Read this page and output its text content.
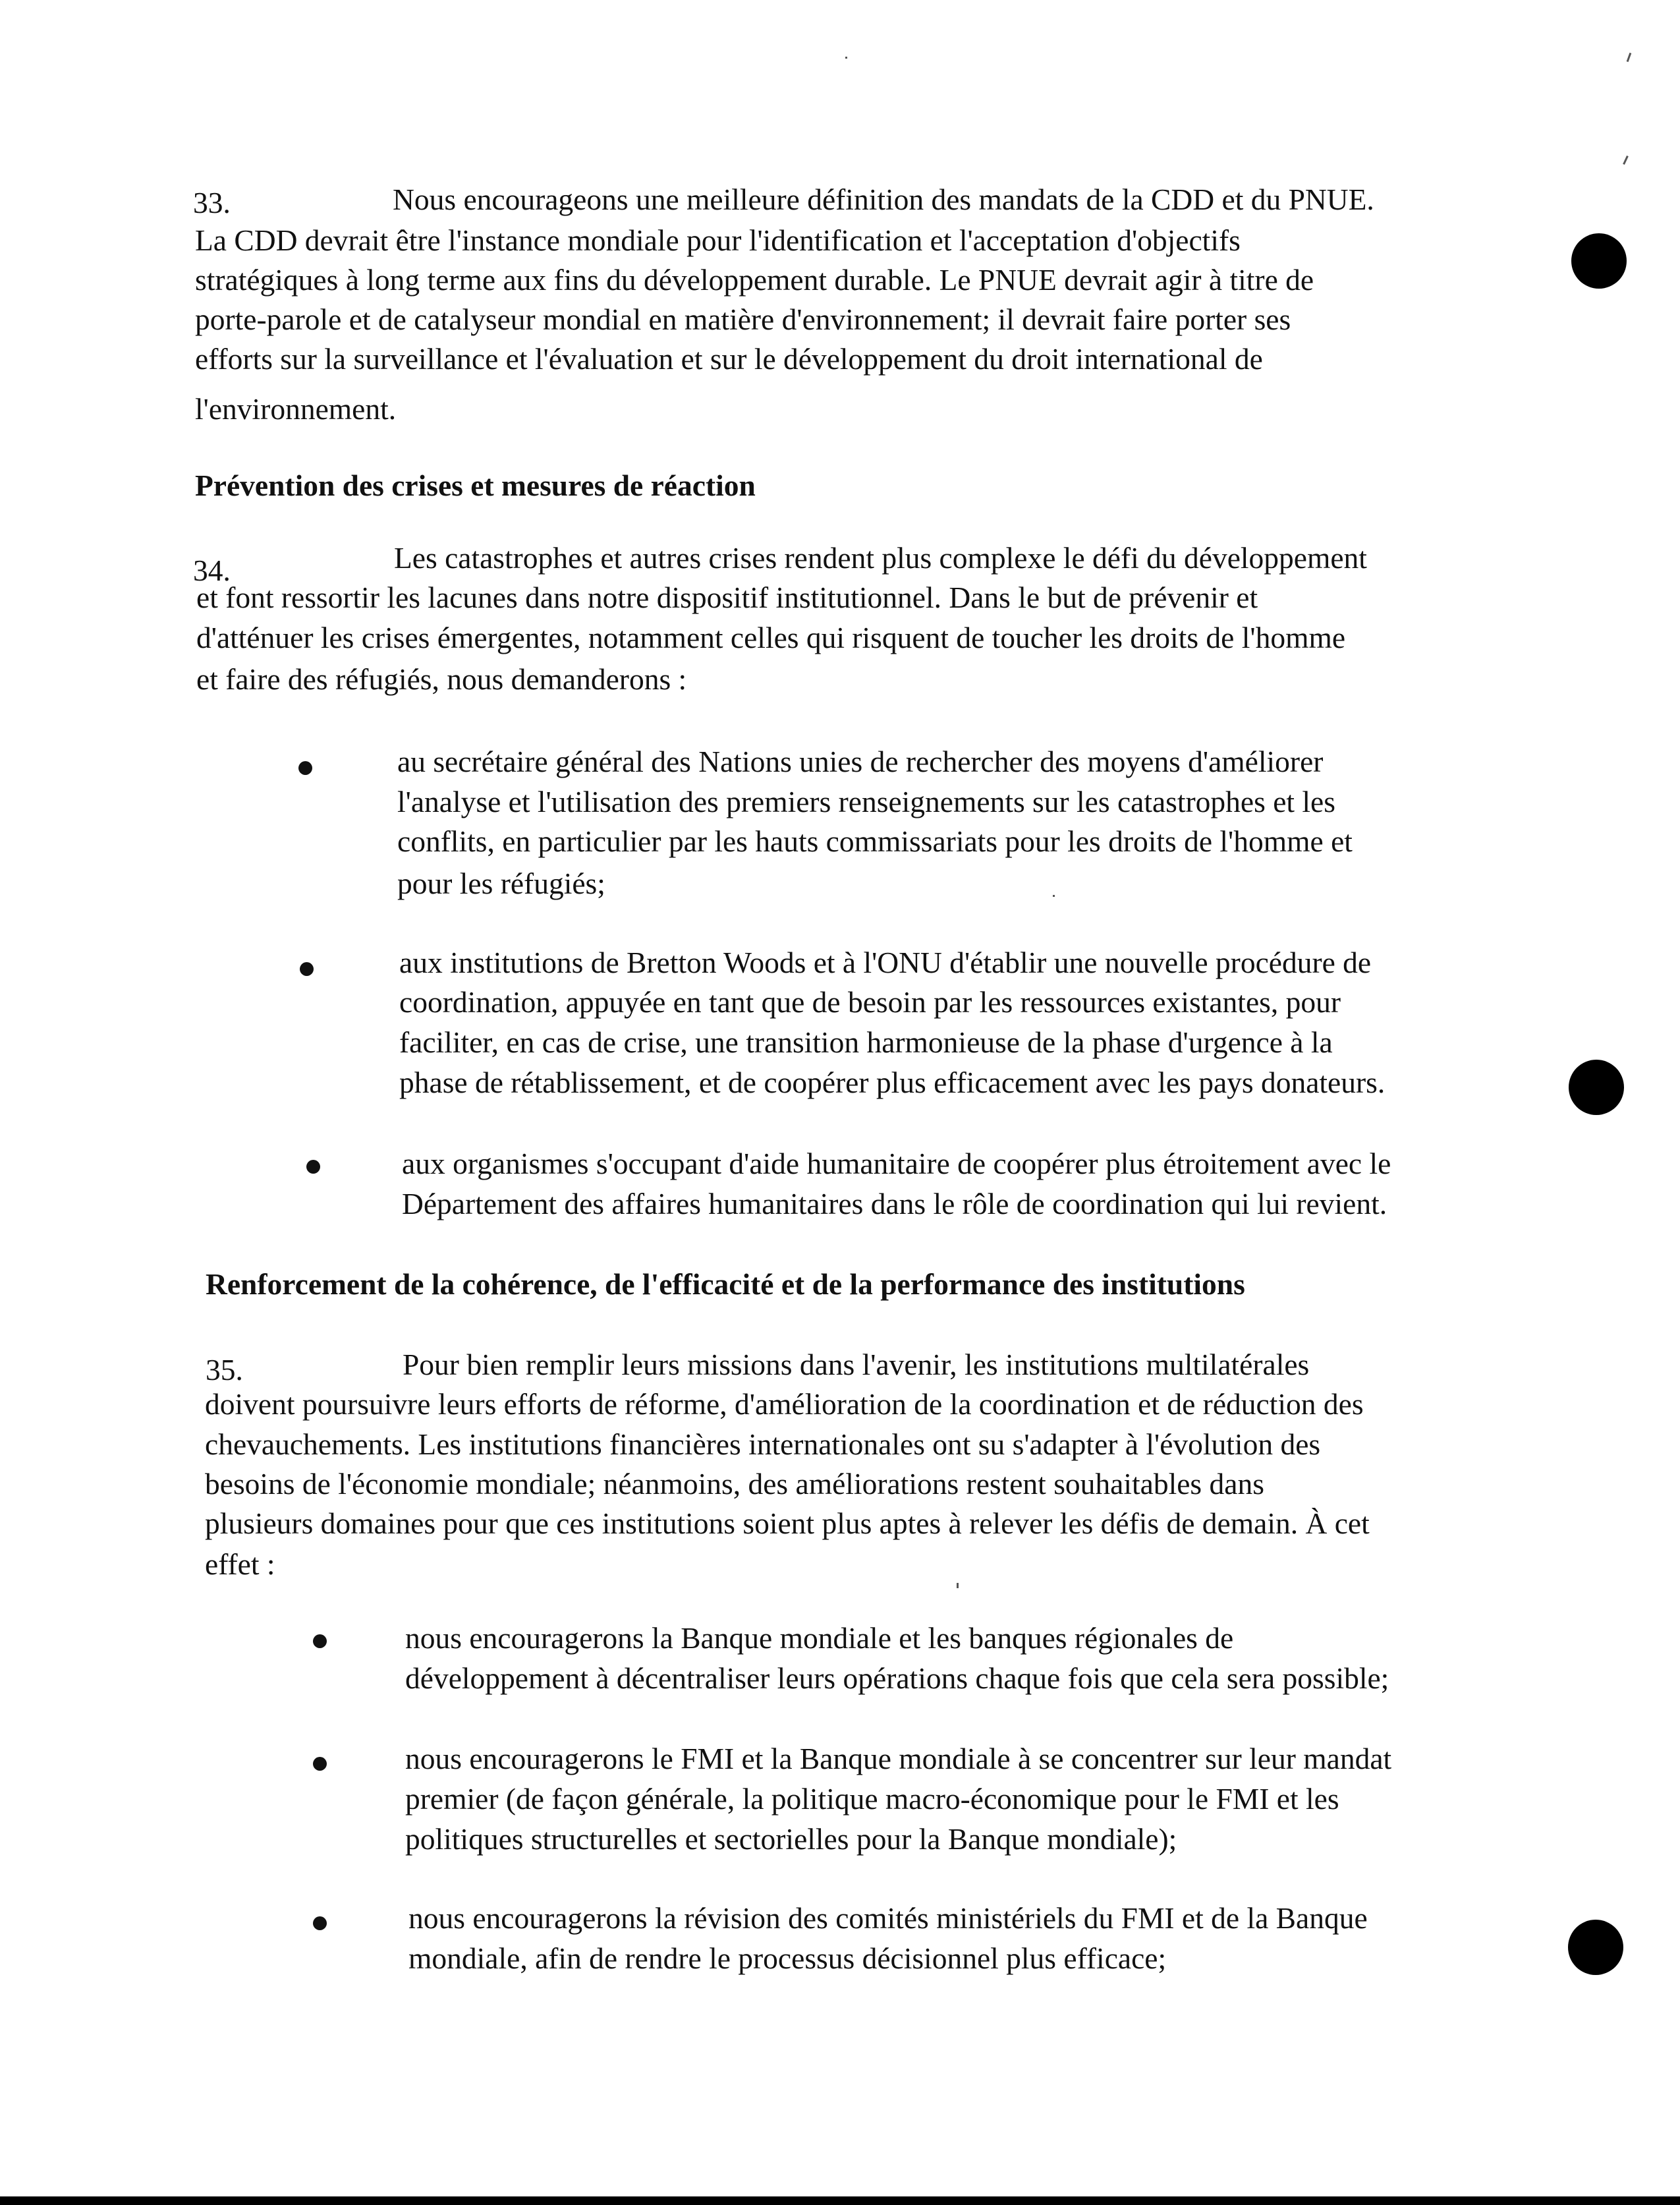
33.	Nous encourageons une meilleure définition des mandats de la CDD et du PNUE.
La CDD devrait être l'instance mondiale pour l'identification et l'acceptation d'objectifs
stratégiques à long terme aux fins du développement durable. Le PNUE devrait agir à titre de
porte-parole et de catalyseur mondial en matière d'environnement; il devrait faire porter ses
efforts sur la surveillance et l'évaluation et sur le développement du droit international de
l'environnement.
Prévention des crises et mesures de réaction
34.	Les catastrophes et autres crises rendent plus complexe le défi du développement
et font ressortir les lacunes dans notre dispositif institutionnel. Dans le but de prévenir et
d'atténuer les crises émergentes, notamment celles qui risquent de toucher les droits de l'homme
et faire des réfugiés, nous demanderons :
au secrétaire général des Nations unies de rechercher des moyens d'améliorer
l'analyse et l'utilisation des premiers renseignements sur les catastrophes et les
conflits, en particulier par les hauts commissariats pour les droits de l'homme et
pour les réfugiés;
aux institutions de Bretton Woods et à l'ONU d'établir une nouvelle procédure de
coordination, appuyée en tant que de besoin par les ressources existantes, pour
faciliter, en cas de crise, une transition harmonieuse de la phase d'urgence à la
phase de rétablissement, et de coopérer plus efficacement avec les pays donateurs.
aux organismes s'occupant d'aide humanitaire de coopérer plus étroitement avec le
Département des affaires humanitaires dans le rôle de coordination qui lui revient.
Renforcement de la cohérence, de l'efficacité et de la performance des institutions
35.	Pour bien remplir leurs missions dans l'avenir, les institutions multilatérales
doivent poursuivre leurs efforts de réforme, d'amélioration de la coordination et de réduction des
chevauchements. Les institutions financières internationales ont su s'adapter à l'évolution des
besoins de l'économie mondiale; néanmoins, des améliorations restent souhaitables dans
plusieurs domaines pour que ces institutions soient plus aptes à relever les défis de demain. À cet
effet :
nous encouragerons la Banque mondiale et les banques régionales de
développement à décentraliser leurs opérations chaque fois que cela sera possible;
nous encouragerons le FMI et la Banque mondiale à se concentrer sur leur mandat
premier (de façon générale, la politique macro-économique pour le FMI et les
politiques structurelles et sectorielles pour la Banque mondiale);
nous encouragerons la révision des comités ministériels du FMI et de la Banque
mondiale, afin de rendre le processus décisionnel plus efficace;
